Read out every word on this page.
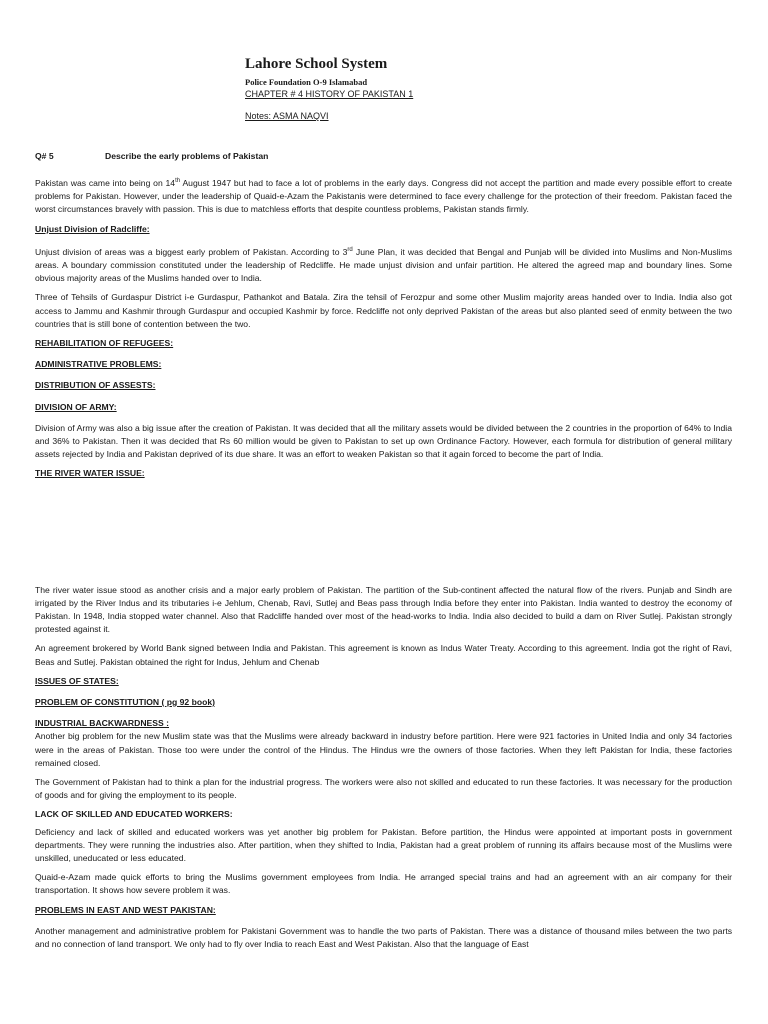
Lahore School System

Police Foundation O-9 Islamabad

CHAPTER # 4 HISTORY OF PAKISTAN 1

Notes: ASMA NAQVI

Q# 5	Describe the early problems of Pakistan

Pakistan was came into being on 14th August 1947 but had to face a lot of problems in the early days. Congress did not accept the partition and made every possible effort to create problems for Pakistan. However, under the leadership of Quaid-e-Azam the Pakistanis were determined to face every challenge for the protection of their freedom. Pakistan faced the worst circumstances bravely with passion. This is due to matchless efforts that despite countless problems, Pakistan stands firmly.

Unjust Division of Radcliffe:

Unjust division of areas was a biggest early problem of Pakistan. According to 3rd June Plan, it was decided that Bengal and Punjab will be divided into Muslims and Non-Muslims areas. A boundary commission constituted under the leadership of Redcliffe. He made unjust division and unfair partition. He altered the agreed map and boundary lines. Some obvious majority areas of the Muslims handed over to India.

Three of Tehsils of Gurdaspur District i-e Gurdaspur, Pathankot and Batala. Zira the tehsil of Ferozpur and some other Muslim majority areas handed over to India. India also got access to Jammu and Kashmir through Gurdaspur and occupied Kashmir by force. Redcliffe not only deprived Pakistan of the areas but also planted seed of enmity between the two countries that is still bone of contention between the two.

REHABILITATION OF REFUGEES:

ADMINISTRATIVE PROBLEMS:

DISTRIBUTION OF ASSESTS:

DIVISION OF ARMY:

Division of Army was also a big issue after the creation of Pakistan. It was decided that all the military assets would be divided between the 2 countries in the proportion of 64% to India and 36% to Pakistan. Then it was decided that Rs 60 million would be given to Pakistan to set up own Ordinance Factory. However, each formula for distribution of general military assets rejected by India and Pakistan deprived of its due share. It was an effort to weaken Pakistan so that it again forced to become the part of India.

THE RIVER WATER ISSUE:

The river water issue stood as another crisis and a major early problem of Pakistan. The partition of the Sub-continent affected the natural flow of the rivers. Punjab and Sindh are irrigated by the River Indus and its tributaries i-e Jehlum, Chenab, Ravi, Sutlej and Beas pass through India before they enter into Pakistan. India wanted to destroy the economy of Pakistan. In 1948, India stopped water channel. Also that Radcliffe handed over most of the head-works to India. India also decided to build a dam on River Sutlej. Pakistan strongly protested against it.

An agreement brokered by World Bank signed between India and Pakistan. This agreement is known as Indus Water Treaty. According to this agreement. India got the right of Ravi, Beas and Sutlej. Pakistan obtained the right for Indus, Jehlum and Chenab

ISSUES OF STATES:

PROBLEM OF CONSTITUTION ( pg 92 book)

INDUSTRIAL BACKWARDNESS :

Another big problem for the new Muslim state was that the Muslims were already backward in industry before partition. Here were 921 factories in United India and only 34 factories were in the areas of Pakistan. Those too were under the control of the Hindus. The Hindus wre the owners of those factories. When they left Pakistan for India, these factories remained closed.

The Government of Pakistan had to think a plan for the industrial progress. The workers were also not skilled and educated to run these factories. It was necessary for the production of goods and for giving the employment to its people.

LACK OF SKILLED AND EDUCATED WORKERS:

Deficiency and lack of skilled and educated workers was yet another big problem for Pakistan. Before partition, the Hindus were appointed at important posts in government departments. They were running the industries also. After partition, when they shifted to India, Pakistan had a great problem of running its affairs because most of the Muslims were unskilled, uneducated or less educated.

Quaid-e-Azam made quick efforts to bring the Muslims government employees from India. He arranged special trains and had an agreement with an air company for their transportation. It shows how severe problem it was.

PROBLEMS IN EAST AND WEST PAKISTAN:

Another management and administrative problem for Pakistani Government was to handle the two parts of Pakistan. There was a distance of thousand miles between the two parts and no connection of land transport. We only had to fly over India to reach East and West Pakistan. Also that the language of East
